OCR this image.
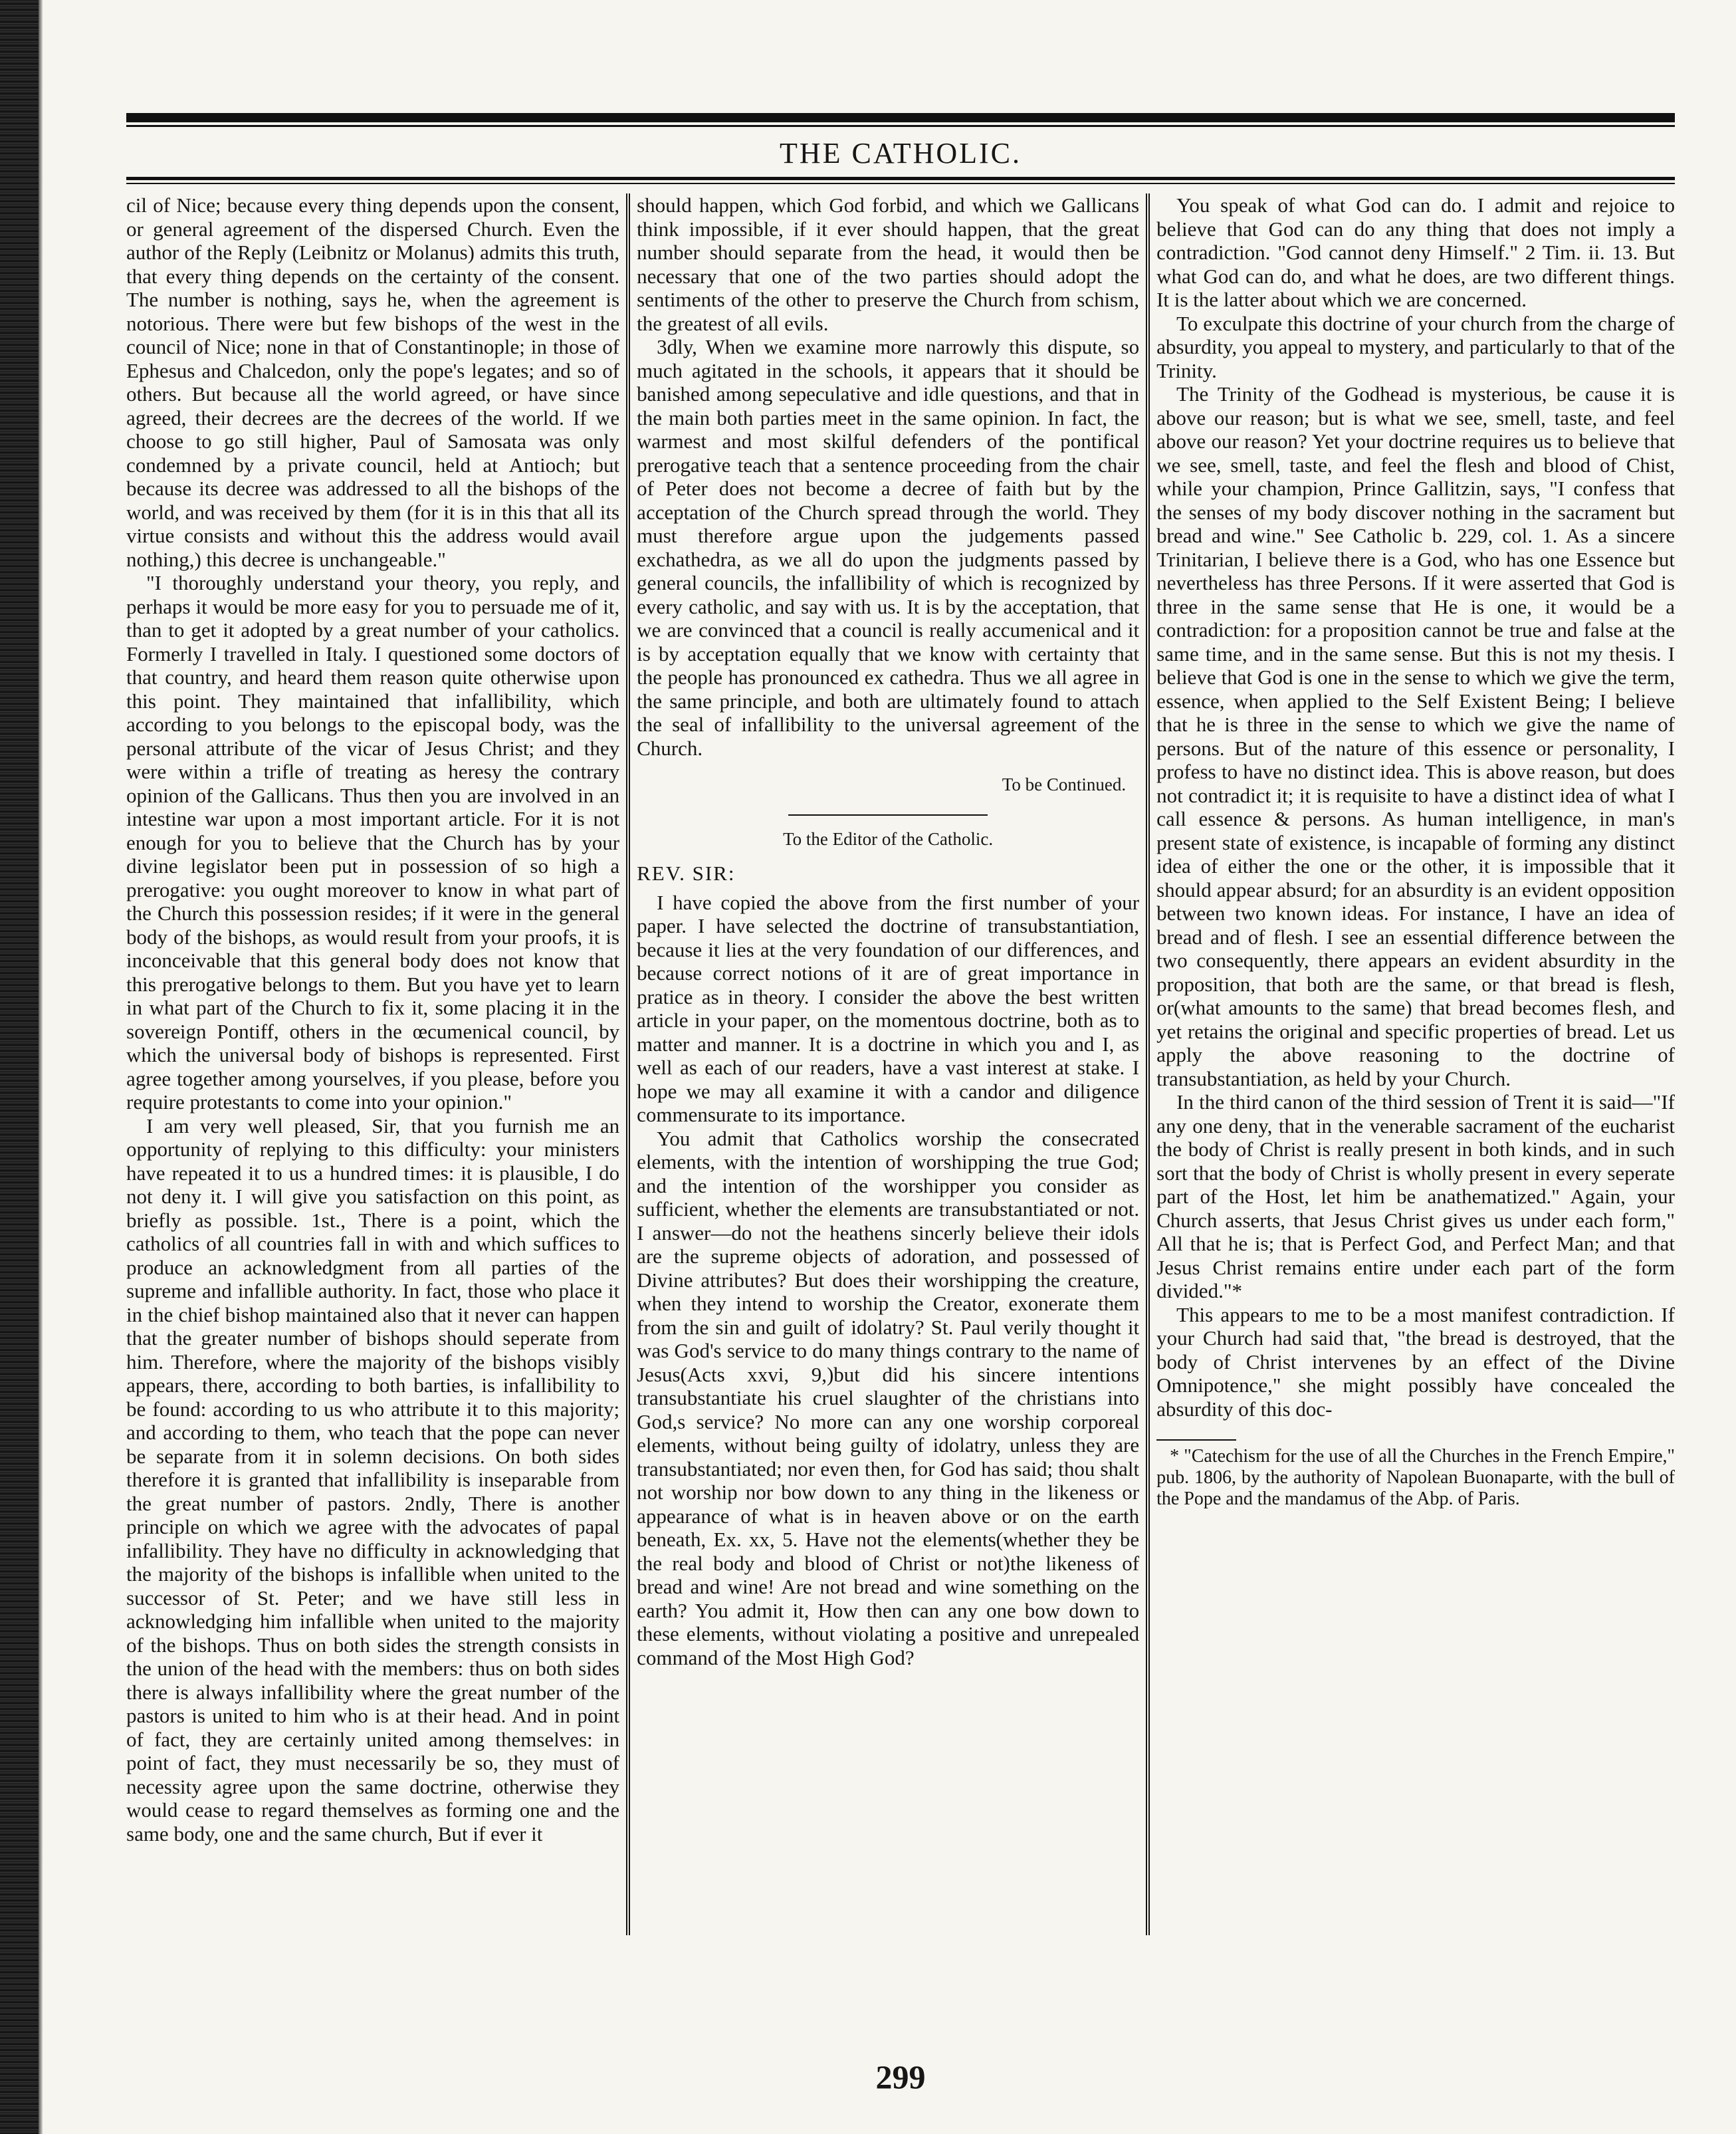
THE CATHOLIC.

cil of Nice; because every thing depends upon the consent, or general agreement of the dispersed Church. Even the author of the Reply (Leibnitz or Molanus) admits this truth, that every thing depends on the certainty of the consent. The number is nothing, says he, when the agreement is notorious. There were but few bishops of the west in the council of Nice; none in that of Constantinople; in those of Ephesus and Chalcedon, only the pope's legates; and so of others. But because all the world agreed, or have since agreed, their decrees are the decrees of the world. If we choose to go still higher, Paul of Samosata was only condemned by a private council, held at Antioch; but because its decree was addressed to all the bishops of the world, and was received by them (for it is in this that all its virtue consists and without this the address would avail nothing,) this decree is unchangeable."

"I thoroughly understand your theory, you reply, and perhaps it would be more easy for you to persuade me of it, than to get it adopted by a great number of your catholics. Formerly I travelled in Italy. I questioned some doctors of that country, and heard them reason quite otherwise upon this point. They maintained that infallibility, which according to you belongs to the episcopal body, was the personal attribute of the vicar of Jesus Christ; and they were within a trifle of treating as heresy the contrary opinion of the Gallicans. Thus then you are involved in an intestine war upon a most important article. For it is not enough for you to believe that the Church has by your divine legislator been put in possession of so high a prerogative: you ought moreover to know in what part of the Church this possession resides; if it were in the general body of the bishops, as would result from your proofs, it is inconceivable that this general body does not know that this prerogative belongs to them. But you have yet to learn in what part of the Church to fix it, some placing it in the sovereign Pontiff, others in the œcumenical council, by which the universal body of bishops is represented. First agree together among yourselves, if you please, before you require protestants to come into your opinion."

I am very well pleased, Sir, that you furnish me an opportunity of replying to this difficulty: your ministers have repeated it to us a hundred times: it is plausible, I do not deny it. I will give you satisfaction on this point, as briefly as possible. 1st., There is a point, which the catholics of all countries fall in with and which suffices to produce an acknowledgment from all parties of the supreme and infallible authority. In fact, those who place it in the chief bishop maintained also that it never can happen that the greater number of bishops should seperate from him. Therefore, where the majority of the bishops visibly appears, there, according to both barties, is infallibility to be found: according to us who attribute it to this majority; and according to them, who teach that the pope can never be separate from it in solemn decisions. On both sides therefore it is granted that infallibility is inseparable from the great number of pastors. 2ndly, There is another principle on which we agree with the advocates of papal infallibility. They have no difficulty in acknowledging that the majority of the bishops is infallible when united to the successor of St. Peter; and we have still less in acknowledging him infallible when united to the majority of the bishops. Thus on both sides the strength consists in the union of the head with the members: thus on both sides there is always infallibility where the great number of the pastors is united to him who is at their head. And in point of fact, they are certainly united among themselves: in point of fact, they must necessarily be so, they must of necessity agree upon the same doctrine, otherwise they would cease to regard themselves as forming one and the same body, one and the same church, But if ever it

should happen, which God forbid, and which we Gallicans think impossible, if it ever should happen, that the great number should separate from the head, it would then be necessary that one of the two parties should adopt the sentiments of the other to preserve the Church from schism, the greatest of all evils.

3dly, When we examine more narrowly this dispute, so much agitated in the schools, it appears that it should be banished among sepeculative and idle questions, and that in the main both parties meet in the same opinion. In fact, the warmest and most skilful defenders of the pontifical prerogative teach that a sentence proceeding from the chair of Peter does not become a decree of faith but by the acceptation of the Church spread through the world. They must therefore argue upon the judgements passed exchathedra, as we all do upon the judgments passed by general councils, the infallibility of which is recognized by every catholic, and say with us. It is by the acceptation, that we are convinced that a council is really accumenical and it is by acceptation equally that we know with certainty that the people has pronounced ex cathedra. Thus we all agree in the same principle, and both are ultimately found to attach the seal of infallibility to the universal agreement of the Church.

To be Continued.
To the Editor of the Catholic.
REV. SIR:

I have copied the above from the first number of your paper. I have selected the doctrine of transubstantiation, because it lies at the very foundation of our differences, and because correct notions of it are of great importance in pratice as in theory. I consider the above the best written article in your paper, on the momentous doctrine, both as to matter and manner. It is a doctrine in which you and I, as well as each of our readers, have a vast interest at stake. I hope we may all examine it with a candor and diligence commensurate to its importance.

You admit that Catholics worship the consecrated elements, with the intention of worshipping the true God; and the intention of the worshipper you consider as sufficient, whether the elements are transubstantiated or not. I answer—do not the heathens sincerly believe their idols are the supreme objects of adoration, and possessed of Divine attributes? But does their worshipping the creature, when they intend to worship the Creator, exonerate them from the sin and guilt of idolatry? St. Paul verily thought it was God's service to do many things contrary to the name of Jesus(Acts xxvi, 9,)but did his sincere intentions transubstantiate his cruel slaughter of the christians into God,s service? No more can any one worship corporeal elements, without being guilty of idolatry, unless they are transubstantiated; nor even then, for God has said; thou shalt not worship nor bow down to any thing in the likeness or appearance of what is in heaven above or on the earth beneath, Ex. xx, 5. Have not the elements(whether they be the real body and blood of Christ or not)the likeness of bread and wine! Are not bread and wine something on the earth? You admit it, How then can any one bow down to these elements, without violating a positive and unrepealed command of the Most High God?

You speak of what God can do. I admit and rejoice to believe that God can do any thing that does not imply a contradiction. "God cannot deny Himself." 2 Tim. ii. 13. But what God can do, and what he does, are two different things. It is the latter about which we are concerned.

To exculpate this doctrine of your church from the charge of absurdity, you appeal to mystery, and particularly to that of the Trinity.

The Trinity of the Godhead is mysterious, be cause it is above our reason; but is what we see, smell, taste, and feel above our reason? Yet your doctrine requires us to believe that we see, smell, taste, and feel the flesh and blood of Chist, while your champion, Prince Gallitzin, says, "I confess that the senses of my body discover nothing in the sacrament but bread and wine." See Catholic b. 229, col. 1. As a sincere Trinitarian, I believe there is a God, who has one Essence but nevertheless has three Persons. If it were asserted that God is three in the same sense that He is one, it would be a contradiction: for a proposition cannot be true and false at the same time, and in the same sense. But this is not my thesis. I believe that God is one in the sense to which we give the term, essence, when applied to the Self Existent Being; I believe that he is three in the sense to which we give the name of persons. But of the nature of this essence or personality, I profess to have no distinct idea. This is above reason, but does not contradict it; it is requisite to have a distinct idea of what I call essence & persons. As human intelligence, in man's present state of existence, is incapable of forming any distinct idea of either the one or the other, it is impossible that it should appear absurd; for an absurdity is an evident opposition between two known ideas. For instance, I have an idea of bread and of flesh. I see an essential difference between the two consequently, there appears an evident absurdity in the proposition, that both are the same, or that bread is flesh, or(what amounts to the same) that bread becomes flesh, and yet retains the original and specific properties of bread. Let us apply the above reasoning to the doctrine of transubstantiation, as held by your Church.

In the third canon of the third session of Trent it is said—"If any one deny, that in the venerable sacrament of the eucharist the body of Christ is really present in both kinds, and in such sort that the body of Christ is wholly present in every seperate part of the Host, let him be anathematized." Again, your Church asserts, that Jesus Christ gives us under each form," All that he is; that is Perfect God, and Perfect Man; and that Jesus Christ remains entire under each part of the form divided."*

This appears to me to be a most manifest contradiction. If your Church had said that, "the bread is destroyed, that the body of Christ intervenes by an effect of the Divine Omnipotence," she might possibly have concealed the absurdity of this doc-

* "Catechism for the use of all the Churches in the French Empire," pub. 1806, by the authority of Napolean Buonaparte, with the bull of the Pope and the mandamus of the Abp. of Paris.

299
